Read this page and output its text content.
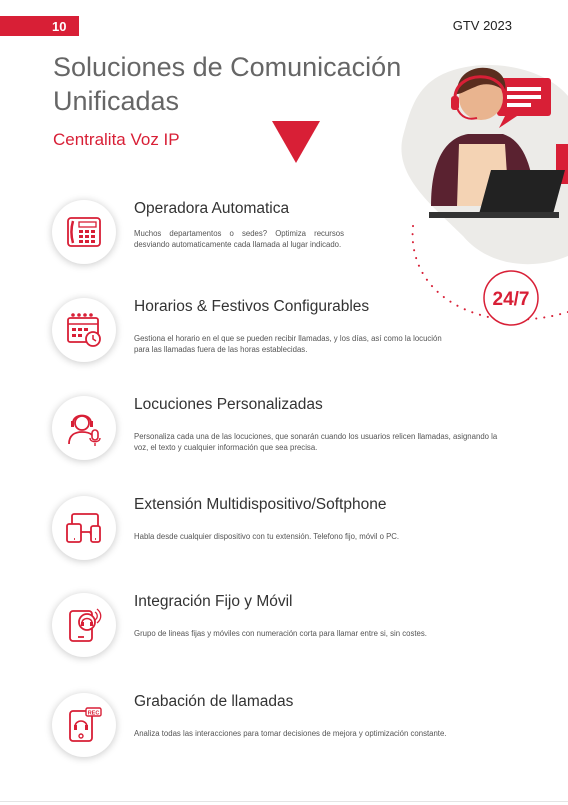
10	GTV 2023
Soluciones de Comunicación
Unificadas
Centralita Voz IP
24/7
Operadora Automatica
Muchos departamentos o sedes? Optimiza recursos desviando automaticamente cada llamada al lugar indicado.
Horarios & Festivos Configurables
Gestiona el horario en el que se pueden recibir llamadas, y los días, así como la locución para las llamadas fuera de las horas establecidas.
Locuciones Personalizadas
Personaliza cada una de las locuciones, que sonarán cuando los usuarios relicen llamadas, asignando la voz, el texto y cualquier información que sea precisa.
Extensión Multidispositivo/Softphone
Habla desde cualquier dispositivo con tu extensión. Telefono fijo, móvil o PC.
Integración Fijo y Móvil
Grupo de lineas fijas y móviles con numeración corta para llamar entre si, sin costes.
REC
Grabación de llamadas
Analiza todas las interacciones para tomar decisiones de mejora y optimización constante.
